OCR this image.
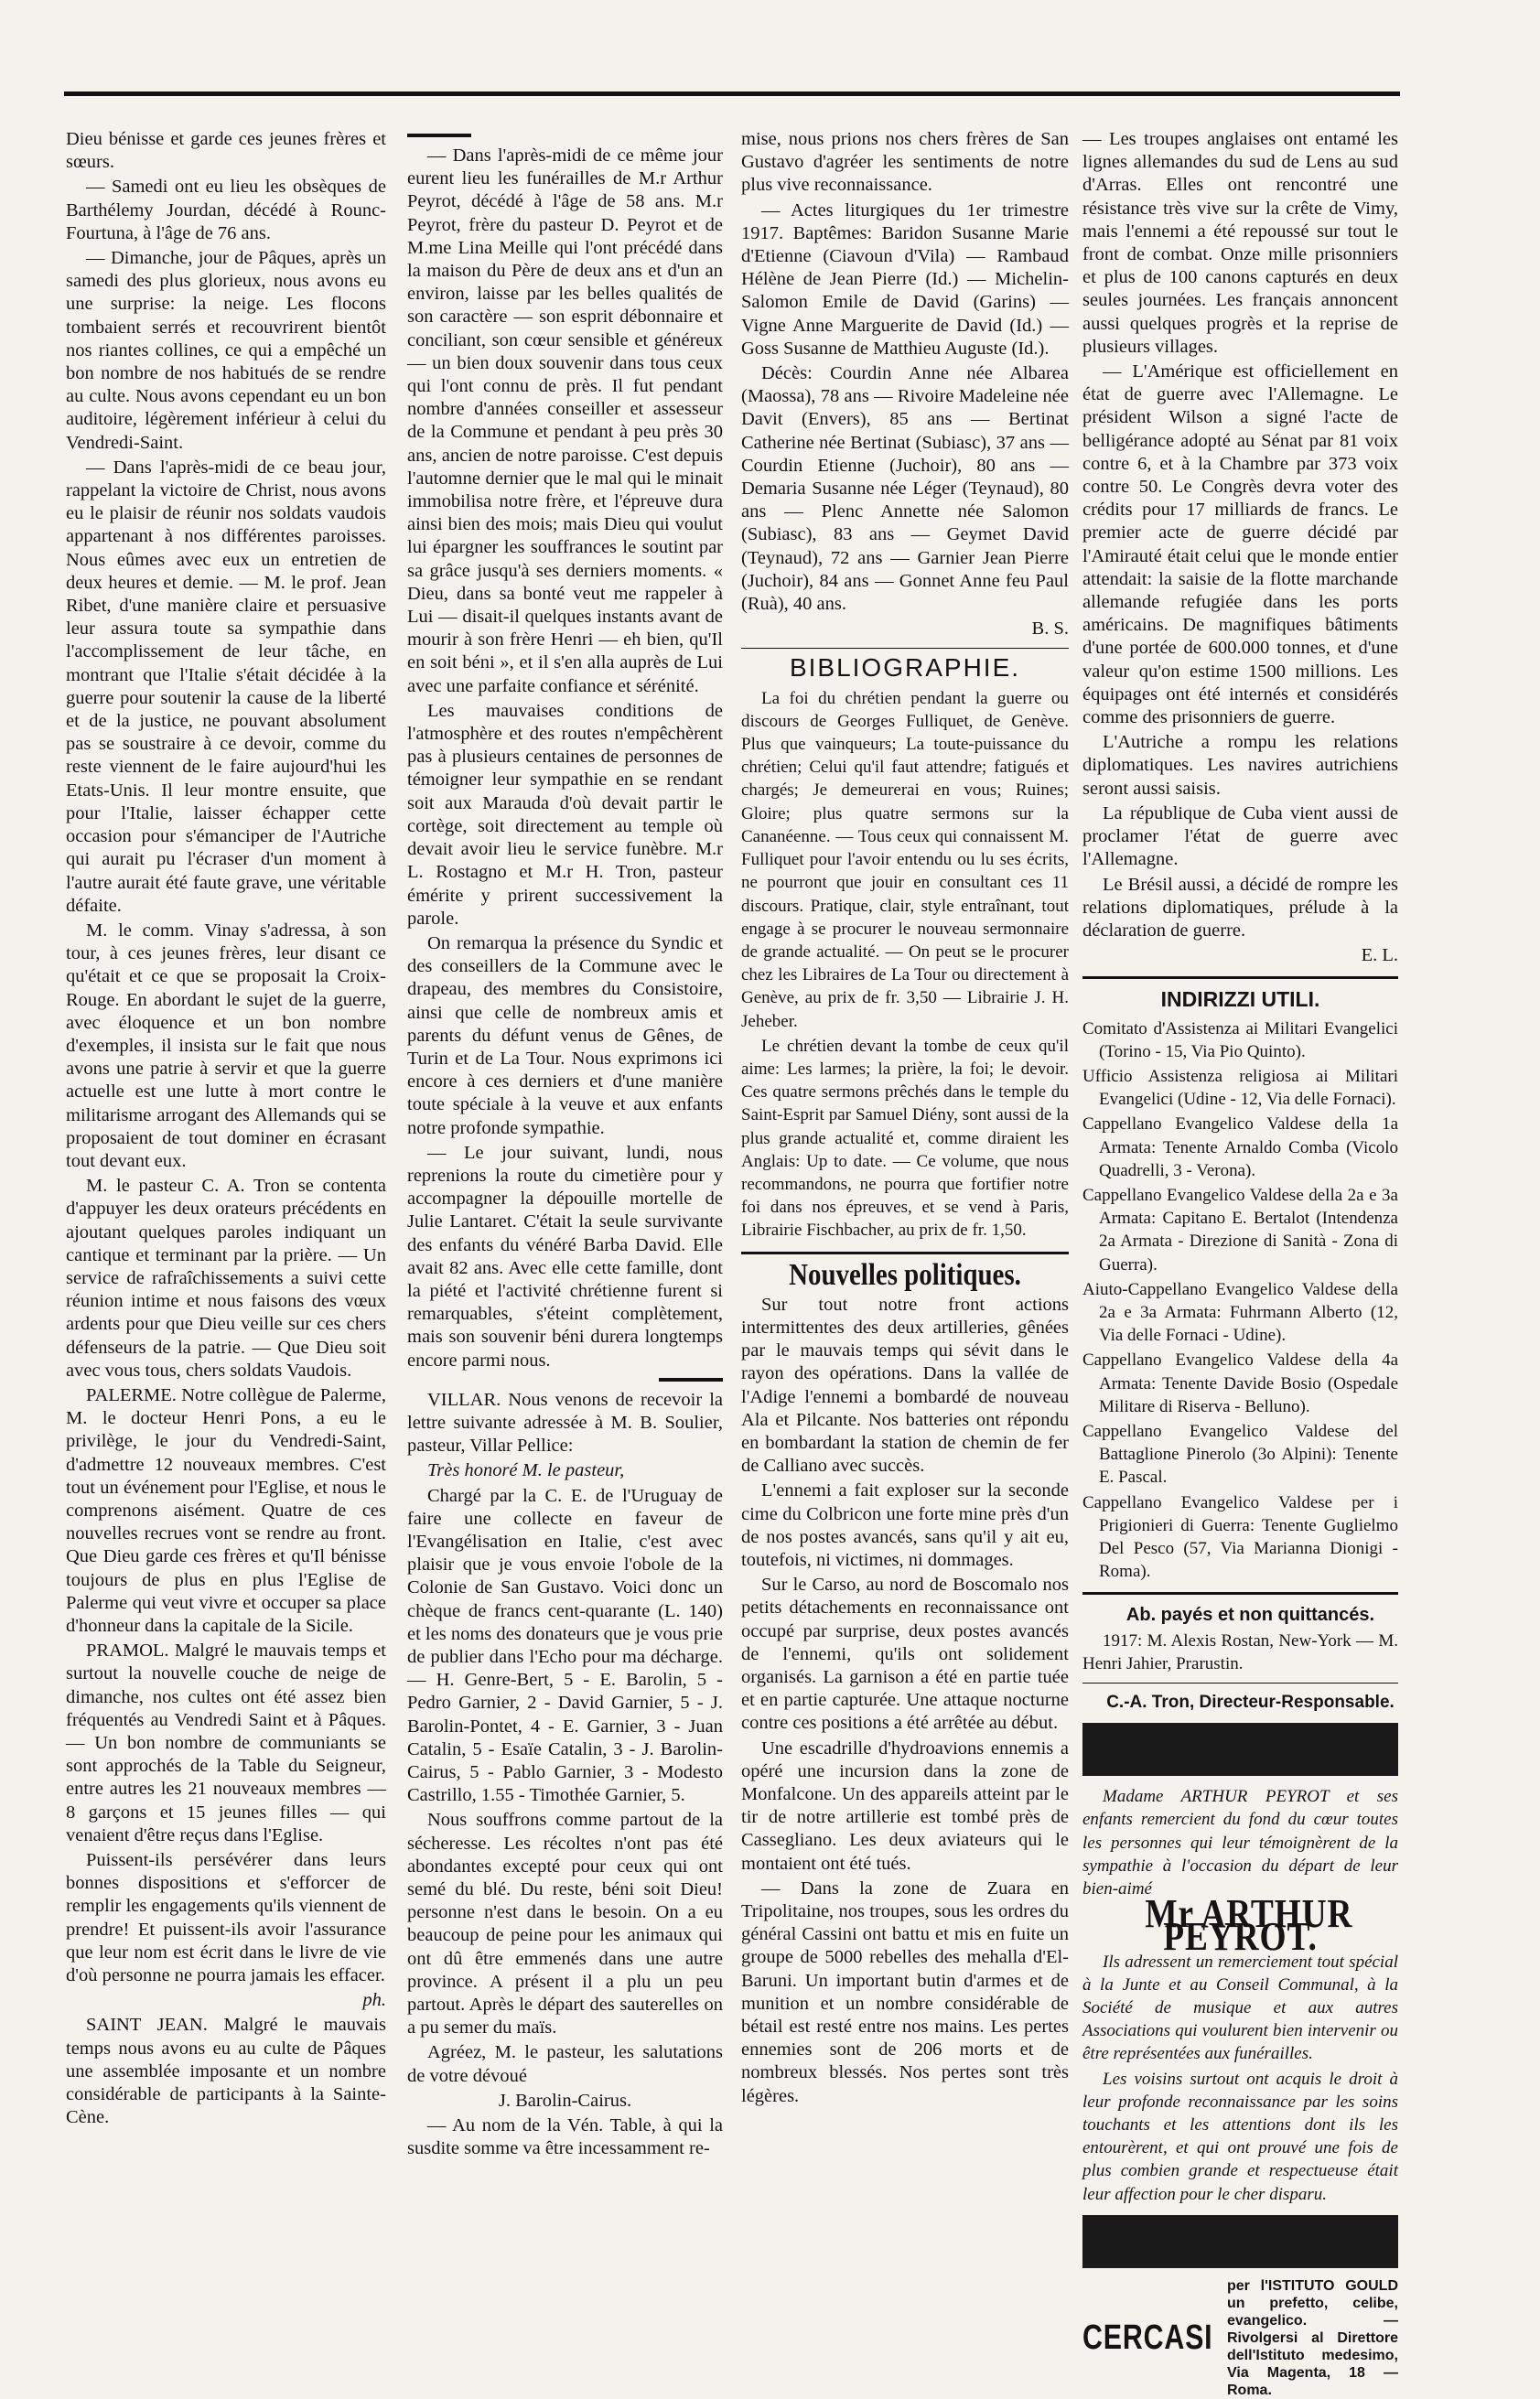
Dieu bénisse et garde ces jeunes frères et sœurs.

— Samedi ont eu lieu les obsèques de Barthélemy Jourdan, décédé à Rounc-Fourtuna, à l'âge de 76 ans.

— Dimanche, jour de Pâques, après un samedi des plus glorieux, nous avons eu une surprise: la neige. Les flocons tombaient serrés et recouvrirent bientôt nos riantes collines, ce qui a empêché un bon nombre de nos habitués de se rendre au culte. Nous avons cependant eu un bon auditoire, légèrement inférieur à celui du Vendredi-Saint.

— Dans l'après-midi de ce beau jour, rappelant la victoire de Christ, nous avons eu le plaisir de réunir nos soldats vaudois appartenant à nos différentes paroisses. Nous eûmes avec eux un entretien de deux heures et demie. — M. le prof. Jean Ribet, d'une manière claire et persuasive leur assura toute sa sympathie dans l'accomplissement de leur tâche, en montrant que l'Italie s'était décidée à la guerre pour soutenir la cause de la liberté et de la justice, ne pouvant absolument pas se soustraire à ce devoir, comme du reste viennent de le faire aujourd'hui les Etats-Unis. Il leur montre ensuite, que pour l'Italie, laisser échapper cette occasion pour s'émanciper de l'Autriche qui aurait pu l'écraser d'un moment à l'autre aurait été faute grave, une véritable défaite.

M. le comm. Vinay s'adressa, à son tour, à ces jeunes frères, leur disant ce qu'était et ce que se proposait la Croix-Rouge. En abordant le sujet de la guerre, avec éloquence et un bon nombre d'exemples, il insista sur le fait que nous avons une patrie à servir et que la guerre actuelle est une lutte à mort contre le militarisme arrogant des Allemands qui se proposaient de tout dominer en écrasant tout devant eux.

M. le pasteur C. A. Tron se contenta d'appuyer les deux orateurs précédents en ajoutant quelques paroles indiquant un cantique et terminant par la prière. — Un service de rafraîchissements a suivi cette réunion intime et nous faisons des vœux ardents pour que Dieu veille sur ces chers défenseurs de la patrie. — Que Dieu soit avec vous tous, chers soldats Vaudois.

PALERME. Notre collègue de Palerme, M. le docteur Henri Pons, a eu le privilège, le jour du Vendredi-Saint, d'admettre 12 nouveaux membres. C'est tout un événement pour l'Eglise, et nous le comprenons aisément. Quatre de ces nouvelles recrues vont se rendre au front. Que Dieu garde ces frères et qu'Il bénisse toujours de plus en plus l'Eglise de Palerme qui veut vivre et occuper sa place d'honneur dans la capitale de la Sicile.

PRAMOL. Malgré le mauvais temps et surtout la nouvelle couche de neige de dimanche, nos cultes ont été assez bien fréquentés au Vendredi Saint et à Pâques. — Un bon nombre de communiants se sont approchés de la Table du Seigneur, entre autres les 21 nouveaux membres — 8 garçons et 15 jeunes filles — qui venaient d'être reçus dans l'Eglise.

Puissent-ils persévérer dans leurs bonnes dispositions et s'efforcer de remplir les engagements qu'ils viennent de prendre! Et puissent-ils avoir l'assurance que leur nom est écrit dans le livre de vie d'où personne ne pourra jamais les effacer.

ph.

SAINT JEAN. Malgré le mauvais temps nous avons eu au culte de Pâques une assemblée imposante et un nombre considérable de participants à la Sainte-Cène.

— Dans l'après-midi de ce même jour eurent lieu les funérailles de M.r Arthur Peyrot, décédé à l'âge de 58 ans. M.r Peyrot, frère du pasteur D. Peyrot et de M.me Lina Meille qui l'ont précédé dans la maison du Père de deux ans et d'un an environ, laisse par les belles qualités de son caractère — son esprit débonnaire et conciliant, son cœur sensible et généreux — un bien doux souvenir dans tous ceux qui l'ont connu de près. Il fut pendant nombre d'années conseiller et assesseur de la Commune et pendant à peu près 30 ans, ancien de notre paroisse. C'est depuis l'automne dernier que le mal qui le minait immobilisa notre frère, et l'épreuve dura ainsi bien des mois; mais Dieu qui voulut lui épargner les souffrances le soutint par sa grâce jusqu'à ses derniers moments. « Dieu, dans sa bonté veut me rappeler à Lui — disait-il quelques instants avant de mourir à son frère Henri — eh bien, qu'Il en soit béni », et il s'en alla auprès de Lui avec une parfaite confiance et sérénité.

Les mauvaises conditions de l'atmosphère et des routes n'empêchèrent pas à plusieurs centaines de personnes de témoigner leur sympathie en se rendant soit aux Marauda d'où devait partir le cortège, soit directement au temple où devait avoir lieu le service funèbre. M.r L. Rostagno et M.r H. Tron, pasteur émérite y prirent successivement la parole.

On remarqua la présence du Syndic et des conseillers de la Commune avec le drapeau, des membres du Consistoire, ainsi que celle de nombreux amis et parents du défunt venus de Gênes, de Turin et de La Tour. Nous exprimons ici encore à ces derniers et d'une manière toute spéciale à la veuve et aux enfants notre profonde sympathie.

— Le jour suivant, lundi, nous reprenions la route du cimetière pour y accompagner la dépouille mortelle de Julie Lantaret. C'était la seule survivante des enfants du vénéré Barba David. Elle avait 82 ans. Avec elle cette famille, dont la piété et l'activité chrétienne furent si remarquables, s'éteint complètement, mais son souvenir béni durera longtemps encore parmi nous.

VILLAR. Nous venons de recevoir la lettre suivante adressée à M. B. Soulier, pasteur, Villar Pellice:

Très honoré M. le pasteur,

Chargé par la C. E. de l'Uruguay de faire une collecte en faveur de l'Evangélisation en Italie, c'est avec plaisir que je vous envoie l'obole de la Colonie de San Gustavo. Voici donc un chèque de francs cent-quarante (L. 140) et les noms des donateurs que je vous prie de publier dans l'Echo pour ma décharge. — H. Genre-Bert, 5 - E. Barolin, 5 - Pedro Garnier, 2 - David Garnier, 5 - J. Barolin-Pontet, 4 - E. Garnier, 3 - Juan Catalin, 5 - Esaïe Catalin, 3 - J. Barolin-Cairus, 5 - Pablo Garnier, 3 - Modesto Castrillo, 1.55 - Timothée Garnier, 5.

Nous souffrons comme partout de la sécheresse. Les récoltes n'ont pas été abondantes excepté pour ceux qui ont semé du blé. Du reste, béni soit Dieu! personne n'est dans le besoin. On a eu beaucoup de peine pour les animaux qui ont dû être emmenés dans une autre province. A présent il a plu un peu partout. Après le départ des sauterelles on a pu semer du maïs.

Agréez, M. le pasteur, les salutations de votre dévoué

J. Barolin-Cairus.

— Au nom de la Vén. Table, à qui la susdite somme va être incessamment re-

mise, nous prions nos chers frères de San Gustavo d'agréer les sentiments de notre plus vive reconnaissance.

— Actes liturgiques du 1er trimestre 1917. Baptêmes: Baridon Susanne Marie d'Etienne (Ciavoun d'Vila) — Rambaud Hélène de Jean Pierre (Id.) — Michelin-Salomon Emile de David (Garins) — Vigne Anne Marguerite de David (Id.) — Goss Susanne de Matthieu Auguste (Id.).

Décès: Courdin Anne née Albarea (Maossa), 78 ans — Rivoire Madeleine née Davit (Envers), 85 ans — Bertinat Catherine née Bertinat (Subiasc), 37 ans — Courdin Etienne (Juchoir), 80 ans — Demaria Susanne née Léger (Teynaud), 80 ans — Plenc Annette née Salomon (Subiasc), 83 ans — Geymet David (Teynaud), 72 ans — Garnier Jean Pierre (Juchoir), 84 ans — Gonnet Anne feu Paul (Ruà), 40 ans.

B. S.

BIBLIOGRAPHIE.

La foi du chrétien pendant la guerre ou discours de Georges Fulliquet, de Genève. Plus que vainqueurs; La toute-puissance du chrétien; Celui qu'il faut attendre; fatigués et chargés; Je demeurerai en vous; Ruines; Gloire; plus quatre sermons sur la Cananéenne. — Tous ceux qui connaissent M. Fulliquet pour l'avoir entendu ou lu ses écrits, ne pourront que jouir en consultant ces 11 discours. Pratique, clair, style entraînant, tout engage à se procurer le nouveau sermonnaire de grande actualité. — On peut se le procurer chez les Libraires de La Tour ou directement à Genève, au prix de fr. 3,50 — Librairie J. H. Jeheber.

Le chrétien devant la tombe de ceux qu'il aime: Les larmes; la prière, la foi; le devoir. Ces quatre sermons prêchés dans le temple du Saint-Esprit par Samuel Diény, sont aussi de la plus grande actualité et, comme diraient les Anglais: Up to date. — Ce volume, que nous recommandons, ne pourra que fortifier notre foi dans nos épreuves, et se vend à Paris, Librairie Fischbacher, au prix de fr. 1,50.

Nouvelles politiques.

Sur tout notre front actions intermittentes des deux artilleries, gênées par le mauvais temps qui sévit dans le rayon des opérations. Dans la vallée de l'Adige l'ennemi a bombardé de nouveau Ala et Pilcante. Nos batteries ont répondu en bombardant la station de chemin de fer de Calliano avec succès.

L'ennemi a fait exploser sur la seconde cime du Colbricon une forte mine près d'un de nos postes avancés, sans qu'il y ait eu, toutefois, ni victimes, ni dommages.

Sur le Carso, au nord de Boscomalo nos petits détachements en reconnaissance ont occupé par surprise, deux postes avancés de l'ennemi, qu'ils ont solidement organisés. La garnison a été en partie tuée et en partie capturée. Une attaque nocturne contre ces positions a été arrêtée au début.

Une escadrille d'hydroavions ennemis a opéré une incursion dans la zone de Monfalcone. Un des appareils atteint par le tir de notre artillerie est tombé près de Cassegliano. Les deux aviateurs qui le montaient ont été tués.

— Dans la zone de Zuara en Tripolitaine, nos troupes, sous les ordres du général Cassini ont battu et mis en fuite un groupe de 5000 rebelles des mehalla d'El-Baruni. Un important butin d'armes et de munition et un nombre considérable de bétail est resté entre nos mains. Les pertes ennemies sont de 206 morts et de nombreux blessés. Nos pertes sont très légères.

— Les troupes anglaises ont entamé les lignes allemandes du sud de Lens au sud d'Arras. Elles ont rencontré une résistance très vive sur la crête de Vimy, mais l'ennemi a été repoussé sur tout le front de combat. Onze mille prisonniers et plus de 100 canons capturés en deux seules journées. Les français annoncent aussi quelques progrès et la reprise de plusieurs villages.

— L'Amérique est officiellement en état de guerre avec l'Allemagne. Le président Wilson a signé l'acte de belligérance adopté au Sénat par 81 voix contre 6, et à la Chambre par 373 voix contre 50. Le Congrès devra voter des crédits pour 17 milliards de francs. Le premier acte de guerre décidé par l'Amirauté était celui que le monde entier attendait: la saisie de la flotte marchande allemande refugiée dans les ports américains. De magnifiques bâtiments d'une portée de 600.000 tonnes, et d'une valeur qu'on estime 1500 millions. Les équipages ont été internés et considérés comme des prisonniers de guerre.

L'Autriche a rompu les relations diplomatiques. Les navires autrichiens seront aussi saisis.

La république de Cuba vient aussi de proclamer l'état de guerre avec l'Allemagne.

Le Brésil aussi, a décidé de rompre les relations diplomatiques, prélude à la déclaration de guerre.

E. L.

INDIRIZZI UTILI.

Comitato d'Assistenza ai Militari Evangelici (Torino - 15, Via Pio Quinto).

Ufficio Assistenza religiosa ai Militari Evangelici (Udine - 12, Via delle Fornaci).

Cappellano Evangelico Valdese della 1a Armata: Tenente Arnaldo Comba (Vicolo Quadrelli, 3 - Verona).

Cappellano Evangelico Valdese della 2a e 3a Armata: Capitano E. Bertalot (Intendenza 2a Armata - Direzione di Sanità - Zona di Guerra).

Aiuto-Cappellano Evangelico Valdese della 2a e 3a Armata: Fuhrmann Alberto (12, Via delle Fornaci - Udine).

Cappellano Evangelico Valdese della 4a Armata: Tenente Davide Bosio (Ospedale Militare di Riserva - Belluno).

Cappellano Evangelico Valdese del Battaglione Pinerolo (3o Alpini): Tenente E. Pascal.

Cappellano Evangelico Valdese per i Prigionieri di Guerra: Tenente Guglielmo Del Pesco (57, Via Marianna Dionigi - Roma).

Ab. payés et non quittancés.

1917: M. Alexis Rostan, New-York — M. Henri Jahier, Prarustin.

C.-A. Tron, Directeur-Responsable.

Madame ARTHUR PEYROT et ses enfants remercient du fond du cœur toutes les personnes qui leur témoignèrent de la sympathie à l'occasion du départ de leur bien-aimé

Mr ARTHUR PEYROT.

Ils adressent un remerciement tout spécial à la Junte et au Conseil Communal, à la Société de musique et aux autres Associations qui voulurent bien intervenir ou être représentées aux funérailles.

Les voisins surtout ont acquis le droit à leur profonde reconnaissance par les soins touchants et les attentions dont ils les entourèrent, et qui ont prouvé une fois de plus combien grande et respectueuse était leur affection pour le cher disparu.

CERCASI
per l'ISTITUTO GOULD un prefetto, celibe, evangelico. — Rivolgersi al Direttore dell'Istituto medesimo, Via Magenta, 18 — Roma.
